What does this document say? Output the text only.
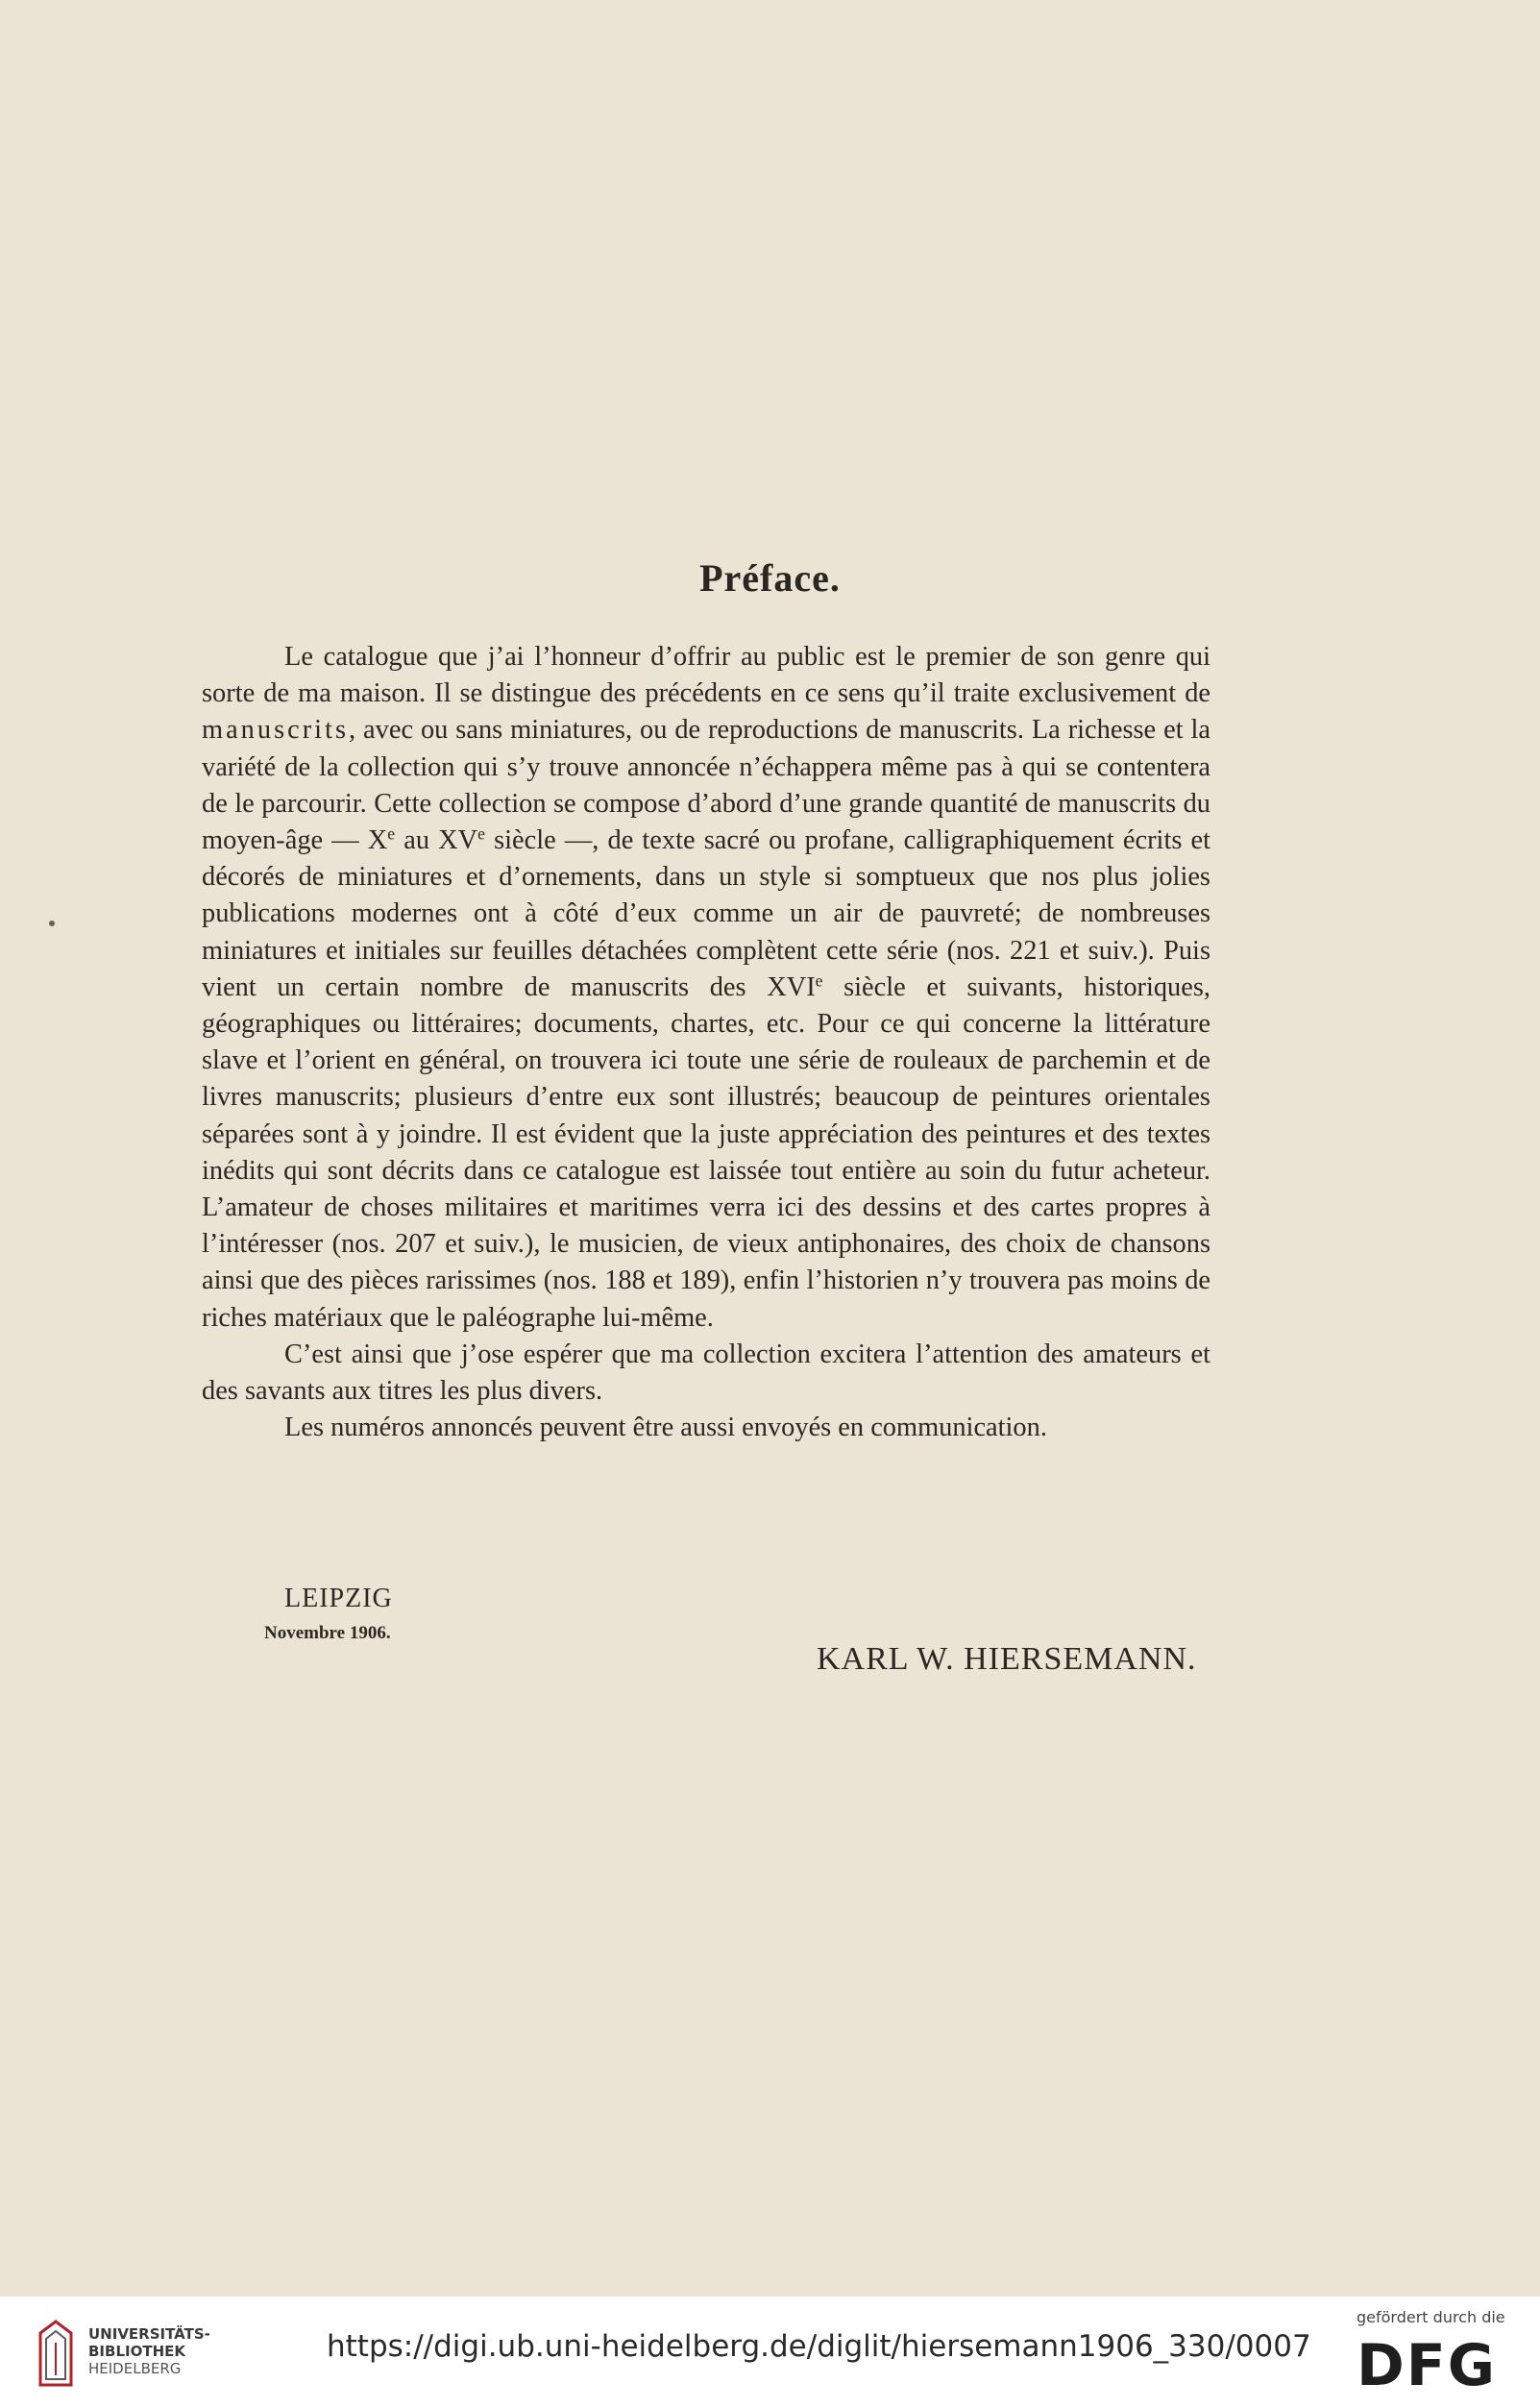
Préface.

Le catalogue que j’ai l’honneur d’offrir au public est le premier de son genre qui sorte de ma maison. Il se distingue des précédents en ce sens qu’il traite exclusivement de manuscrits, avec ou sans miniatures, ou de reproductions de manuscrits. La richesse et la variété de la collection qui s’y trouve annoncée n’échappera même pas à qui se contentera de le parcourir. Cette collection se compose d’abord d’une grande quantité de manuscrits du moyen-âge — Xe au XVe siècle —, de texte sacré ou profane, calligraphiquement écrits et décorés de miniatures et d’ornements, dans un style si somptueux que nos plus jolies publications modernes ont à côté d’eux comme un air de pauvreté; de nombreuses miniatures et initiales sur feuilles détachées complètent cette série (nos. 221 et suiv.). Puis vient un certain nombre de manuscrits des XVIe siècle et suivants, historiques, géographiques ou littéraires; documents, chartes, etc. Pour ce qui concerne la littérature slave et l’orient en général, on trouvera ici toute une série de rouleaux de parchemin et de livres manuscrits; plusieurs d’entre eux sont illustrés; beaucoup de peintures orientales séparées sont à y joindre. Il est évident que la juste appréciation des peintures et des textes inédits qui sont décrits dans ce catalogue est laissée tout entière au soin du futur acheteur. L’amateur de choses militaires et maritimes verra ici des dessins et des cartes propres à l’intéresser (nos. 207 et suiv.), le musicien, de vieux antiphonaires, des choix de chansons ainsi que des pièces rarissimes (nos. 188 et 189), enfin l’historien n’y trouvera pas moins de riches matériaux que le paléographe lui-même.

C’est ainsi que j’ose espérer que ma collection excitera l’attention des amateurs et des savants aux titres les plus divers.

Les numéros annoncés peuvent être aussi envoyés en communication.

LEIPZIG
Novembre 1906.
KARL W. HIERSEMANN.
UNIVERSITÄTS-
BIBLIOTHEK
HEIDELBERG
https://digi.ub.uni-heidelberg.de/diglit/hiersemann1906_330/0007
gefördert durch die
DFG
